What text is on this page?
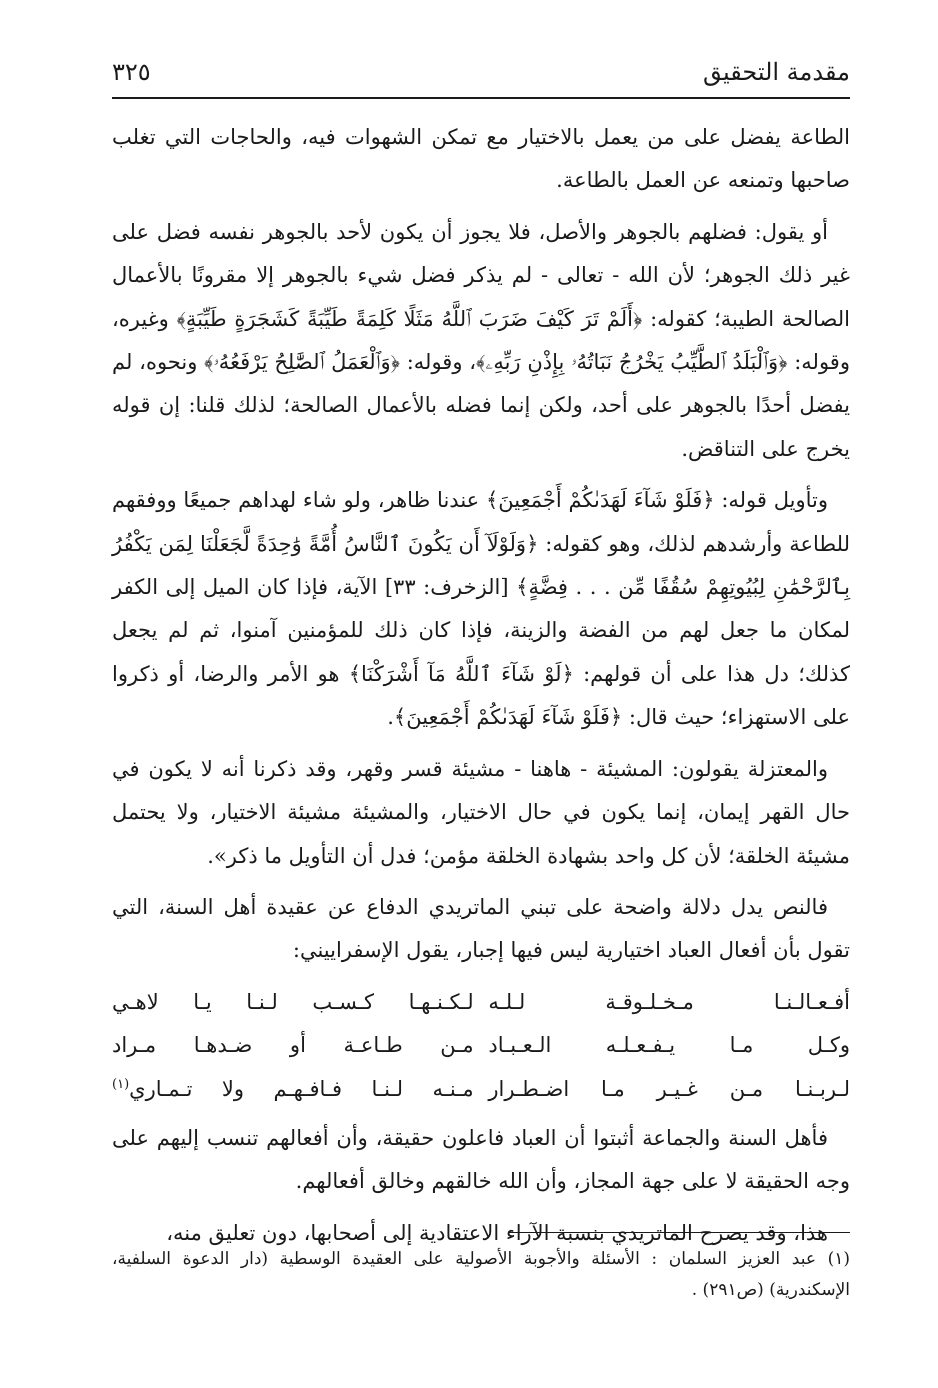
مقدمة التحقيق
٣٢٥

الطاعة يفضل على من يعمل بالاختيار مع تمكن الشهوات فيه، والحاجات التي تغلب صاحبها وتمنعه عن العمل بالطاعة.

أو يقول: فضلهم بالجوهر والأصل، فلا يجوز أن يكون لأحد بالجوهر نفسه فضل على غير ذلك الجوهر؛ لأن الله - تعالى - لم يذكر فضل شيء بالجوهر إلا مقرونًا بالأعمال الصالحة الطيبة؛ كقوله: ﴿أَلَمْ تَرَ كَيْفَ ضَرَبَ ٱللَّهُ مَثَلًا كَلِمَةً طَيِّبَةً كَشَجَرَةٍ طَيِّبَةٍ﴾ وغيره، وقوله: ﴿وَٱلْبَلَدُ ٱلطَّيِّبُ يَخْرُجُ نَبَاتُهُۥ بِإِذْنِ رَبِّهِۦ﴾، وقوله: ﴿وَٱلْعَمَلُ ٱلصَّٰلِحُ يَرْفَعُهُۥ﴾ ونحوه، لم يفضل أحدًا بالجوهر على أحد، ولكن إنما فضله بالأعمال الصالحة؛ لذلك قلنا: إن قوله يخرج على التناقض.

وتأويل قوله: ﴿فَلَوْ شَآءَ لَهَدَىٰكُمْ أَجْمَعِينَ﴾ عندنا ظاهر، ولو شاء لهداهم جميعًا ووفقهم للطاعة وأرشدهم لذلك، وهو كقوله: ﴿وَلَوْلَآ أَن يَكُونَ ٱلنَّاسُ أُمَّةً وَٰحِدَةً لَّجَعَلْنَا لِمَن يَكْفُرُ بِٱلرَّحْمَٰنِ لِبُيُوتِهِمْ سُقُفًا مِّن . . . فِضَّةٍ﴾ [الزخرف: ٣٣] الآية، فإذا كان الميل إلى الكفر لمكان ما جعل لهم من الفضة والزينة، فإذا كان ذلك للمؤمنين آمنوا، ثم لم يجعل كذلك؛ دل هذا على أن قولهم: ﴿لَوْ شَآءَ ٱللَّهُ مَآ أَشْرَكْنَا﴾ هو الأمر والرضا، أو ذكروا على الاستهزاء؛ حيث قال: ﴿فَلَوْ شَآءَ لَهَدَىٰكُمْ أَجْمَعِينَ﴾.

والمعتزلة يقولون: المشيئة - هاهنا - مشيئة قسر وقهر، وقد ذكرنا أنه لا يكون في حال القهر إيمان، إنما يكون في حال الاختيار، والمشيئة مشيئة الاختيار، ولا يحتمل مشيئة الخلقة؛ لأن كل واحد بشهادة الخلقة مؤمن؛ فدل أن التأويل ما ذكر».

فالنص يدل دلالة واضحة على تبني الماتريدي الدفاع عن عقيدة أهل السنة، التي تقول بأن أفعال العباد اختيارية ليس فيها إجبار، يقول الإسفراييني:

أفـعـالـنـا مـخـلـوقـة لـلـه
لـكـنـهـا كـسـب لـنـا يـا لاهـي
وكـل مـا يـفـعـلـه الـعـبـاد
مـن طـاعـة أو ضـدهـا مـراد
لـربـنـا مـن غـيـر مـا اضـطـرار
مـنـه لـنـا فـافـهـم ولا تـمـاري$^{(١)}$

فأهل السنة والجماعة أثبتوا أن العباد فاعلون حقيقة، وأن أفعالهم تنسب إليهم على وجه الحقيقة لا على جهة المجاز، وأن الله خالقهم وخالق أفعالهم.

هذا، وقد يصرح الماتريدي بنسبة الآراء الاعتقادية إلى أصحابها، دون تعليق منه،

(١) عبد العزيز السلمان : الأسئلة والأجوبة الأصولية على العقيدة الوسطية (دار الدعوة السلفية، الإسكندرية) (ص٢٩١) .
